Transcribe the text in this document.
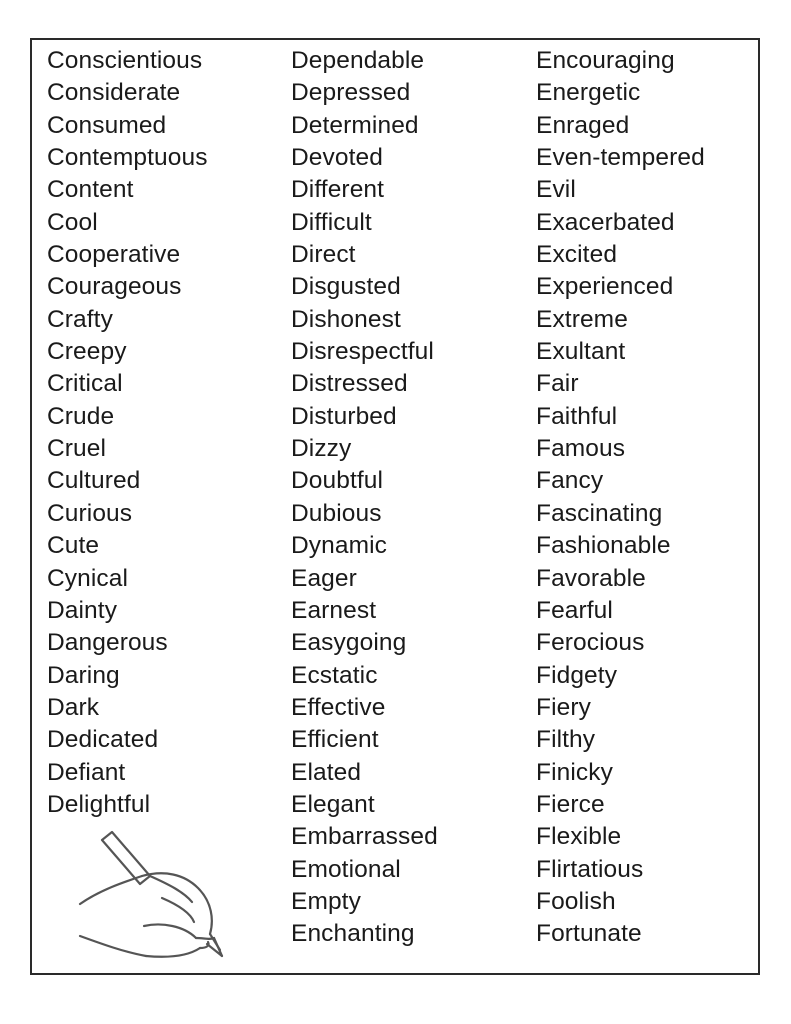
Conscientious
Considerate
Consumed
Contemptuous
Content
Cool
Cooperative
Courageous
Crafty
Creepy
Critical
Crude
Cruel
Cultured
Curious
Cute
Cynical
Dainty
Dangerous
Daring
Dark
Dedicated
Defiant
Delightful
Dependable
Depressed
Determined
Devoted
Different
Difficult
Direct
Disgusted
Dishonest
Disrespectful
Distressed
Disturbed
Dizzy
Doubtful
Dubious
Dynamic
Eager
Earnest
Easygoing
Ecstatic
Effective
Efficient
Elated
Elegant
Embarrassed
Emotional
Empty
Enchanting
Encouraging
Energetic
Enraged
Even-tempered
Evil
Exacerbated
Excited
Experienced
Extreme
Exultant
Fair
Faithful
Famous
Fancy
Fascinating
Fashionable
Favorable
Fearful
Ferocious
Fidgety
Fiery
Filthy
Finicky
Fierce
Flexible
Flirtatious
Foolish
Fortunate
